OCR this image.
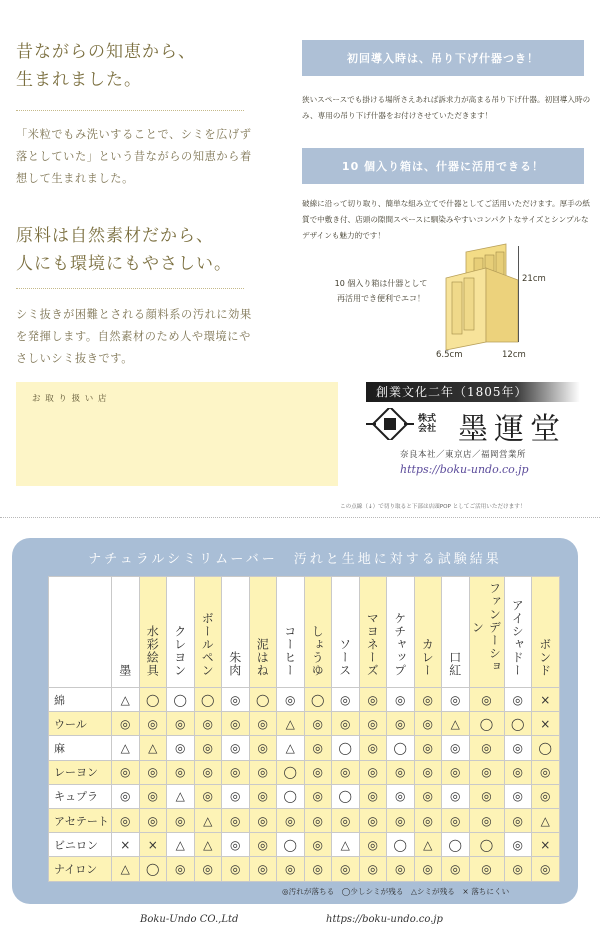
昔ながらの知恵から、
生まれました。
「米粒でもみ洗いすることで、シミを広げず落としていた」という昔ながらの知恵から着想して生まれました。
原料は自然素材だから、
人にも環境にもやさしい。
シミ抜きが困難とされる顔料系の汚れに効果を発揮します。自然素材のため人や環境にやさしいシミ抜きです。
お 取 り 扱 い 店
初回導入時は、吊り下げ什器つき！
狭いスペースでも掛ける場所さえあれば訴求力が高まる吊り下げ什器。初回導入時のみ、専用の吊り下げ什器をお付けさせていただきます！
10 個入り箱は、什器に活用できる！
破線に沿って切り取り、簡単な組み立てで什器としてご活用いただけます。厚手の紙質で中敷き付、店頭の隙間スペースに馴染みやすいコンパクトなサイズとシンプルなデザインも魅力的です！
10 個入り箱は什器として
再活用でき便利でエコ！
21cm
6.5cm	12cm
創業文化二年（1805年）
株式会社 墨運堂
奈良本社／東京店／福岡営業所
https://boku-undo.co.jp
この点線（↓）で切り取ると下部は店頭POP としてご活用いただけます！
ナチュラルシミリムーバー　汚れと生地に対する試験結果
	墨	水彩絵具	クレヨン	ボールペン	朱肉	泥はね	コーヒー	しょうゆ	ソース	マヨネーズ	ケチャップ	カレー	口紅	ファンデーション	アイシャドー	ボンド
綿	△	◯	◯	◯	◎	◯	◎	◯	◎	◎	◎	◎	◎	◎	◎	×
ウール	◎	◎	◎	◎	◎	◎	△	◎	◎	◎	◎	◎	△	◯	◯	×
麻	△	△	◎	◎	◎	◎	△	◎	◯	◎	◯	◎	◎	◎	◎	◯
レーヨン	◎	◎	◎	◎	◎	◎	◯	◎	◎	◎	◎	◎	◎	◎	◎	◎
キュプラ	◎	◎	△	◎	◎	◎	◯	◎	◯	◎	◎	◎	◎	◎	◎	◎
アセテート	◎	◎	◎	△	◎	◎	◎	◎	◎	◎	◎	◎	◎	◎	◎	△
ビニロン	×	×	△	△	◎	◎	◯	◎	△	◎	◯	△	◯	◯	◎	×
ナイロン	△	◯	◎	◎	◎	◎	◎	◎	◎	◎	◎	◎	◎	◎	◎	◎
◎汚れが落ちる　◯少しシミが残る　△シミが残る　× 落ちにくい
Boku-Undo CO.,Ltd	https://boku-undo.co.jp
